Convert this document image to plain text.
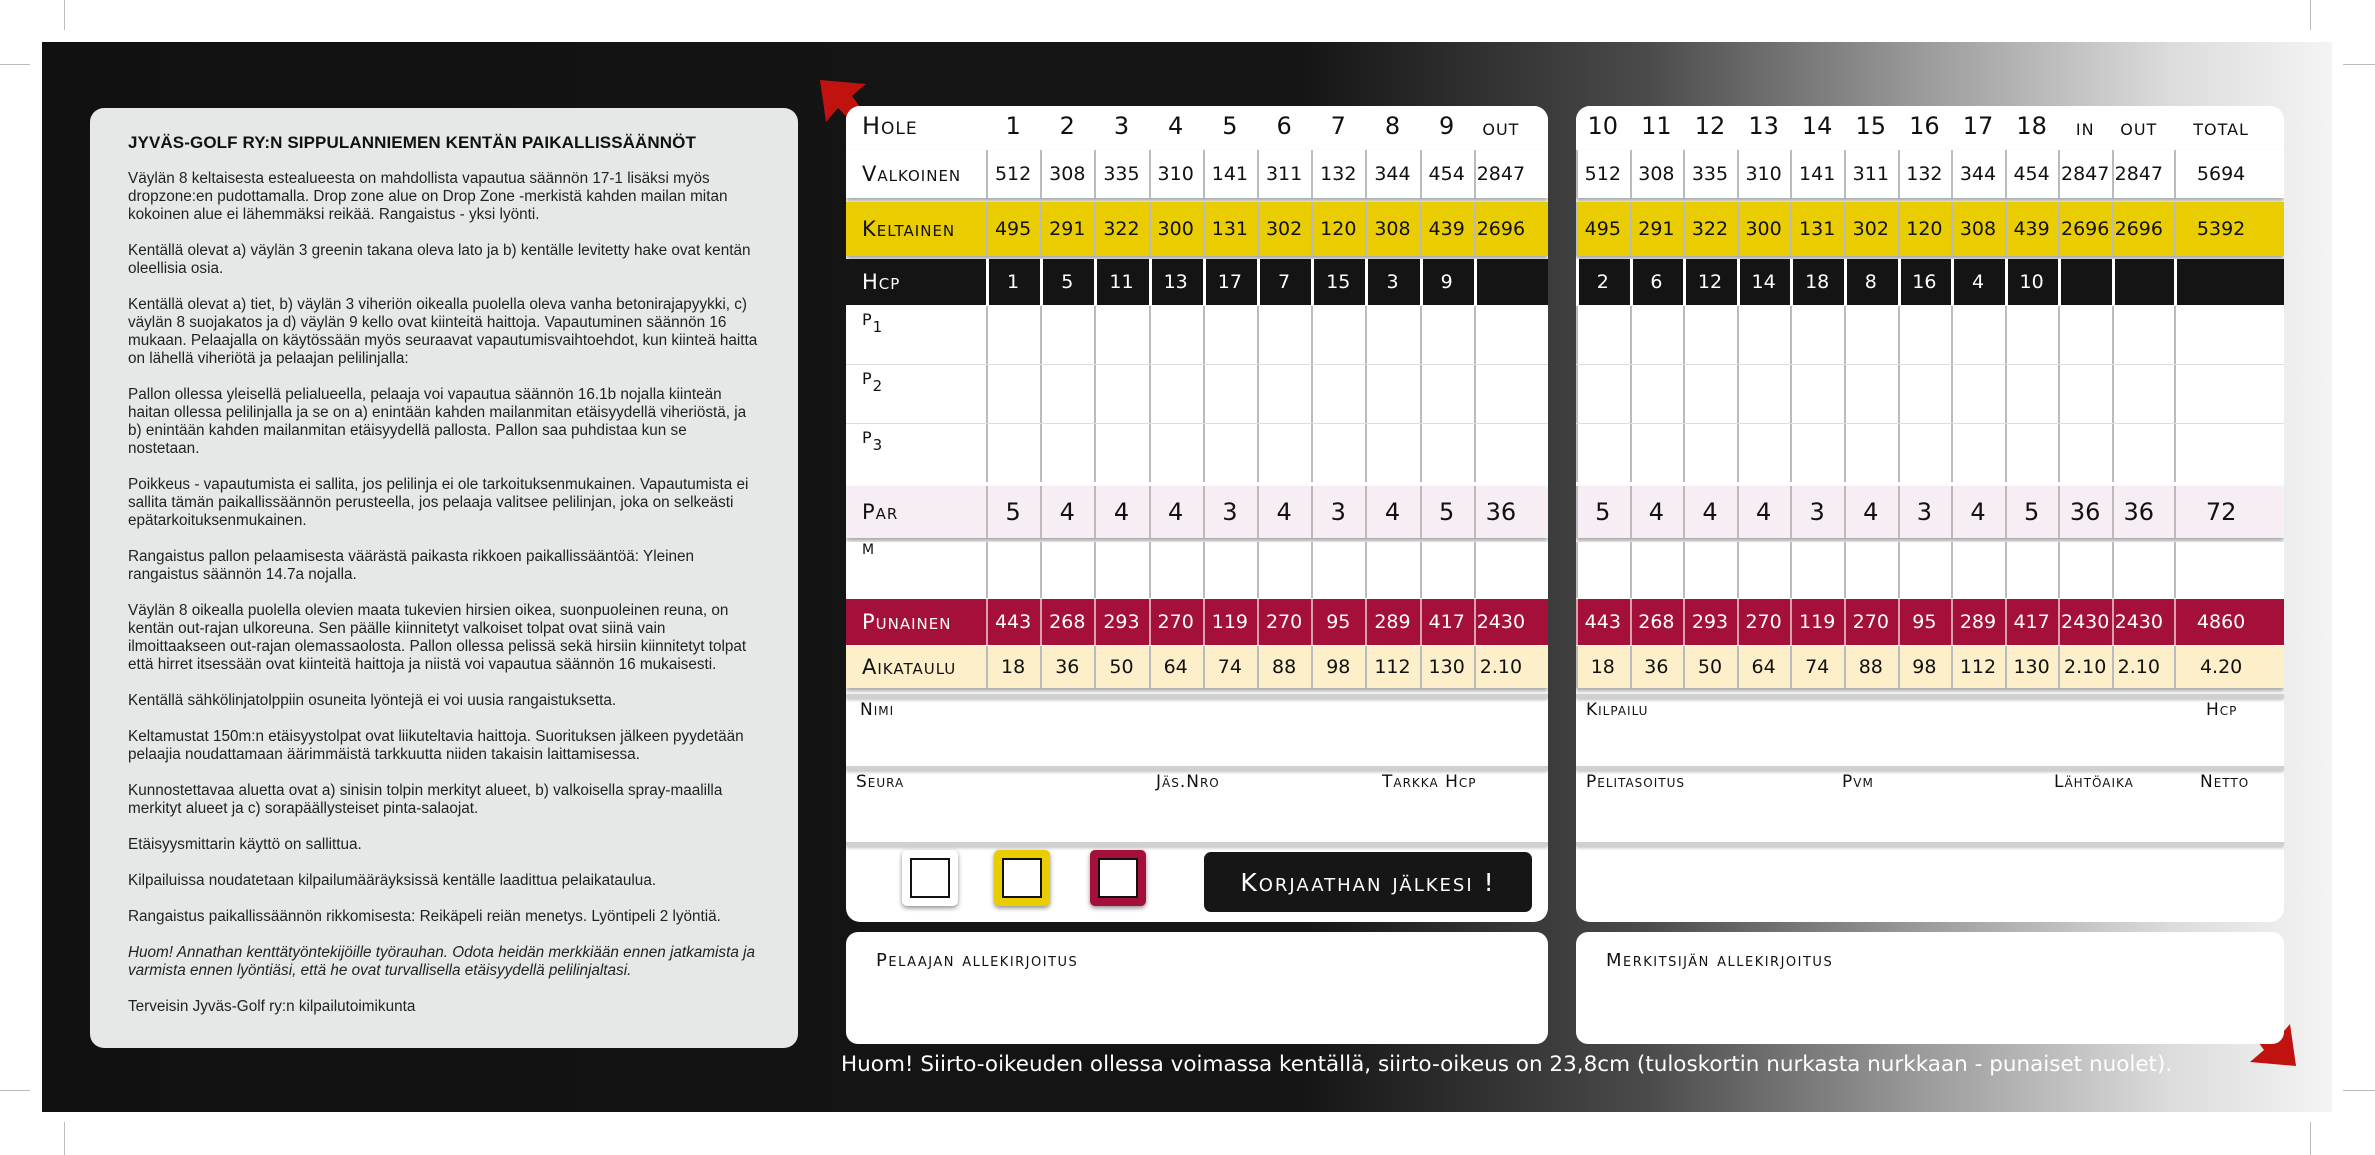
JYVÄS-GOLF RY:N SIPPULANNIEMEN KENTÄN PAIKALLISSÄÄNNÖT

Väylän 8 keltaisesta estealueesta on mahdollista vapautua säännön 17-1 lisäksi myös dropzone:en pudottamalla. Drop zone alue on Drop Zone -merkistä kahden mailan mitan kokoinen alue ei lähemmäksi reikää. Rangaistus - yksi lyönti.

Kentällä olevat a) väylän 3 greenin takana oleva lato ja b) kentälle levitetty hake ovat kentän oleellisia osia.

Kentällä olevat a) tiet, b) väylän 3 viheriön oikealla puolella oleva vanha betonirajapyykki, c) väylän 8 suojakatos ja d) väylän 9 kello ovat kiinteitä haittoja. Vapautuminen säännön 16 mukaan. Pelaajalla on käytössään myös seuraavat vapautumisvaihtoehdot, kun kiinteä haitta on lähellä viheriötä ja pelaajan pelilinjalla:

Pallon ollessa yleisellä pelialueella, pelaaja voi vapautua säännön 16.1b nojalla kiinteän haitan ollessa pelilinjalla ja se on a) enintään kahden mailanmitan etäisyydellä viheriöstä, ja b) enintään kahden mailanmitan etäisyydellä pallosta. Pallon saa puhdistaa kun se nostetaan.

Poikkeus - vapautumista ei sallita, jos pelilinja ei ole tarkoituksenmukainen. Vapautumista ei sallita tämän paikallissäännön perusteella, jos pelaaja valitsee pelilinjan, joka on selkeästi epätarkoituksenmukainen.

Rangaistus pallon pelaamisesta väärästä paikasta rikkoen paikallissääntöä: Yleinen rangaistus säännön 14.7a nojalla.

Väylän 8 oikealla puolella olevien maata tukevien hirsien oikea, suonpuoleinen reuna, on kentän out-rajan ulkoreuna. Sen päälle kiinnitetyt valkoiset tolpat ovat siinä vain ilmoittaakseen out-rajan olemassaolosta. Pallon ollessa pelissä sekä hirsiin kiinnitetyt tolpat että hirret itsessään ovat kiinteitä haittoja ja niistä voi vapautua säännön 16 mukaisesti.

Kentällä sähkölinjatolppiin osuneita lyöntejä ei voi uusia rangaistuksetta.

Keltamustat 150m:n etäisyystolpat ovat liikuteltavia haittoja. Suorituksen jälkeen pyydetään pelaajia noudattamaan äärimmäistä tarkkuutta niiden takaisin laittamisessa.

Kunnostettavaa aluetta ovat a) sinisin tolpin merkityt alueet, b) valkoisella spray-maalilla merkityt alueet ja c) sorapäällysteiset pinta-salaojat.

Etäisyysmittarin käyttö on sallittua.

Kilpailuissa noudatetaan kilpailumääräyksissä kentälle laadittua pelaikataulua.

Rangaistus paikallissäännön rikkomisesta: Reikäpeli reiän menetys. Lyöntipeli 2 lyöntiä.

Huom! Annathan kenttätyöntekijöille työrauhan. Odota heidän merkkiään ennen jatkamista ja varmista ennen lyöntiäsi, että he ovat turvallisella etäisyydellä pelilinjaltasi.

Terveisin Jyväs-Golf ry:n kilpailutoimikunta

Hole	1	2	3	4	5	6	7	8	9	OUT
Valkoinen	512 308 335 310 141 311 132 344 454 2847
Keltainen	495 291 322 300 131 302 120 308 439 2696
Hcp	1	5	11	13	17	7	15	3	9
$P_1$
$P_2$
$P_3$
Par	5	4	4	4	3	4	3	4	5	36
M
Punainen	443 268 293 270 119 270	95	289 417 2430
Aikataulu	18	36	50	64	74	88	98	112 130 2.10
Nimi
Seura	Jäs.Nro	Tarkka Hcp
Korjaathan jälkesi !
10 11 12 13 14 15 16 17 18	IN	OUT	TOTAL
512 308 335 310 141 311 132 344 454 2847 2847	5694
495 291 322 300 131 302 120 308 439 2696 2696	5392
2	6	12	14	18	8	16	4	10
5	4	4	4	3	4	3	4	5	36 36	72
443 268 293 270 119 270	95	289 417 2430 2430	4860
18	36	50	64	74	88	98	112 130 2.10 2.10	4.20
Kilpailu	Hcp
Pelitasoitus	Pvm	Lähtöaika	Netto
Pelaajan allekirjoitus	Merkitsijän allekirjoitus
Huom! Siirto-oikeuden ollessa voimassa kentällä, siirto-oikeus on 23,8cm (tuloskortin nurkasta nurkkaan - punaiset nuolet).
